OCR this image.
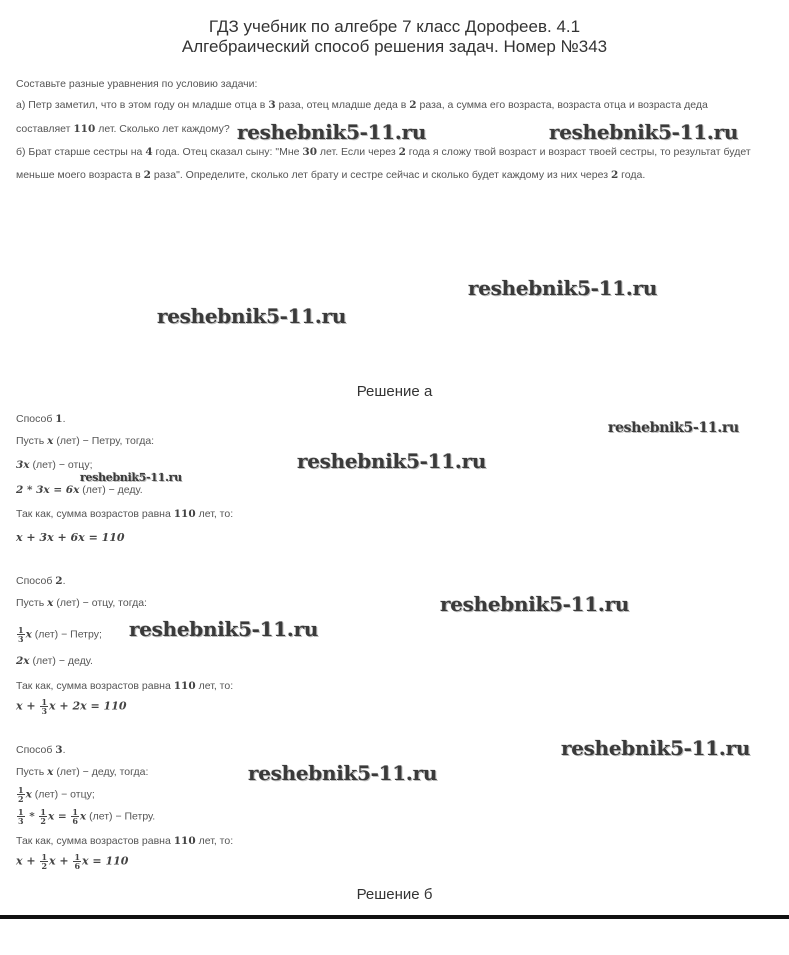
ГДЗ учебник по алгебре 7 класс Дорофеев. 4.1
Алгебраический способ решения задач. Номер №343
Составьте разные уравнения по условию задачи:
а) Петр заметил, что в этом году он младше отца в 3 раза, отец младше деда в 2 раза, а сумма его возраста, возраста отца и возраста деда
составляет 110 лет. Сколько лет каждому?
б) Брат старше сестры на 4 года. Отец сказал сыну: "Мне 30 лет. Если через 2 года я сложу твой возраст и возраст твоей сестры, то результат будет
меньше моего возраста в 2 раза". Определите, сколько лет брату и сестре сейчас и сколько будет каждому из них через 2 года.
Решение а
Способ 1.
Пусть x (лет) − Петру, тогда:
3x (лет) − отцу;
2 * 3x = 6x (лет) − деду.
Так как, сумма возрастов равна 110 лет, то:
x + 3x + 6x = 110
Способ 2.
Пусть x (лет) − отцу, тогда:
$\frac{1}{3}$ x (лет) − Петру;
2x (лет) − деду.
Так как, сумма возрастов равна 110 лет, то:
$x + \frac{1}{3}$ x + 2x = 110
Способ 3.
Пусть x (лет) − деду, тогда:
$\frac{1}{2}$ x (лет) − отцу;
$\frac{1}{3} * \frac{1}{2}$ $x = \frac{1}{6}$ x (лет) − Петру.
Так как, сумма возрастов равна 110 лет, то:
$x + \frac{1}{2}$ $x + \frac{1}{6}$ x = 110
Решение б
reshebnik5-11.ru	reshebnik5-11.ru
reshebnik5-11.ru
reshebnik5-11.ru
reshebnik5-11.ru
reshebnik5-11.ru
reshebnik5-11.ru
reshebnik5-11.ru
reshebnik5-11.ru
reshebnik5-11.ru
reshebnik5-11.ru
